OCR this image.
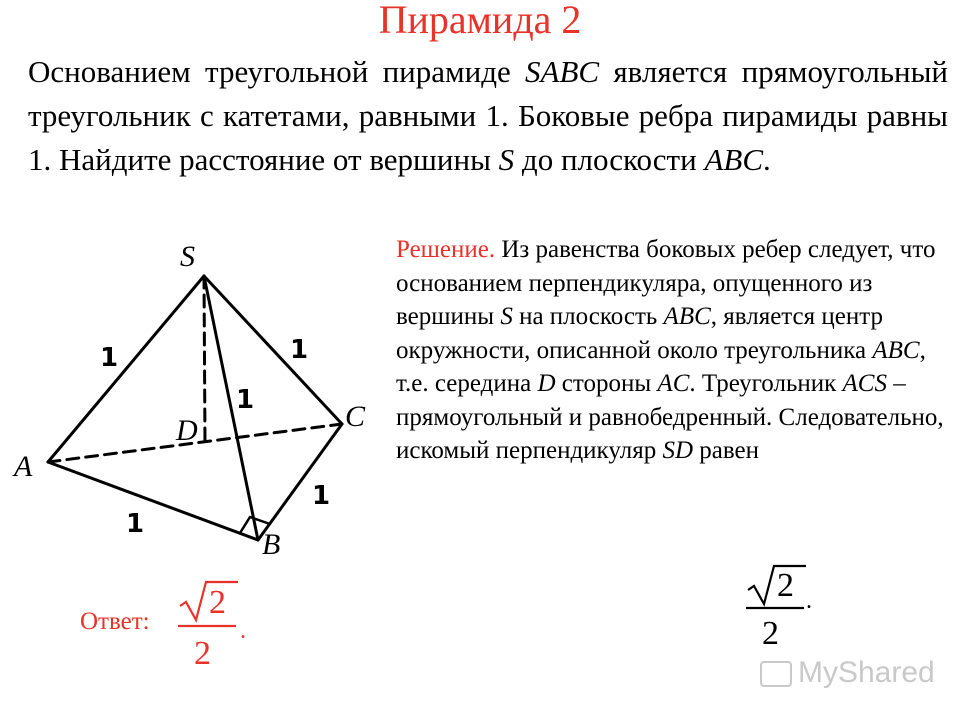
Пирамида 2
Основанием треугольной пирамиде SABC является прямоугольный треугольник с катетами, равными 1. Боковые ребра пирамиды равны 1. Найдите расстояние от вершины S до плоскости ABC.
S
A
B
C
D
1	1
1
1
1
Решение. Из равенства боковых ребер следует, что основанием перпендикуляра, опущенного из вершины S на плоскость ABC, является центр окружности, описанной около треугольника ABC, т.е. середина D стороны AC. Треугольник ACS – прямоугольный и равнобедренный. Следовательно, искомый перпендикуляр SD равен
2
2
.
Ответ:
2
2
.
MyShared
